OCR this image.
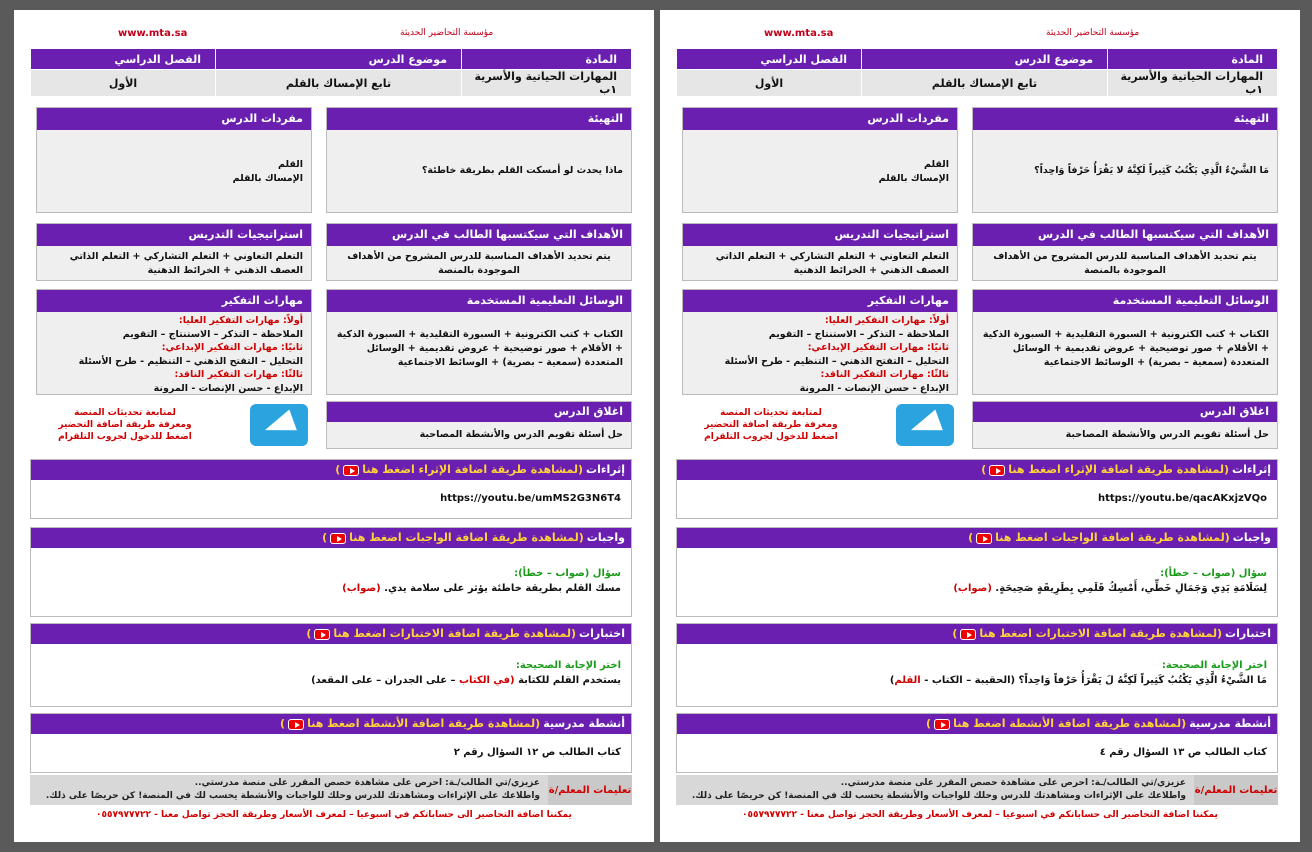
www.mta.sa	مؤسسة التحاضير الحديثة
المادة	موضوع الدرس	الفصل الدراسي
المهارات الحياتية والأسرية ١ب	تابع الإمساك بالقلم	الأول
التهيئة
ماذا يحدث لو أمسكت القلم بطريقة خاطئة؟
مفردات الدرس
القلم
الإمساك بالقلم
الأهداف التي سيكتسبها الطالب في الدرس
يتم تحديد الأهداف المناسبة للدرس المشروح من الأهداف الموجودة بالمنصة
استراتيجيات التدريس
التعلم التعاوني + التعلم التشاركي + التعلم الذاتي
العصف الذهني + الخرائط الذهنية
الوسائل التعليمية المستخدمة
الكتاب + كتب الكترونية + السبورة التقليدية + السبورة الذكية + الأقلام + صور توضيحية + عروض تقديمية + الوسائل المتعددة (سمعية – بصرية) + الوسائط الاجتماعية
مهارات التفكير
أولاً: مهارات التفكير العليا:
الملاحظة – التذكر – الاستنتاج – التقويم
ثانيًا: مهارات التفكير الإبداعي:
التحليل – التفتح الذهني – التنظيم - طرح الأسئلة
ثالثًا: مهارات التفكير الناقد:
الإبداع - حسن الإنصات - المرونة
اغلاق الدرس
حل أسئلة تقويم الدرس والأنشطة المصاحبة
لمتابعة تحديثات المنصة
ومعرفة طريقة اضافة التحضير
اضغط للدخول لجروب التلقرام
إثراءات
(لمشاهدة طريقة اضافة الإثراء اضغط هنا
)
https://youtu.be/umMS2G3N6T4
واجبات
(لمشاهدة طريقة اضافة الواجبات اضغط هنا
)
سؤال (صواب – خطأ):
مسك القلم بطريقة خاطئة يؤثر على سلامة يدي. (صواب)
اختبارات
(لمشاهدة طريقة اضافة الاختبارات اضغط هنا
)
اختر الإجابة الصحيحة:
يستخدم القلم للكتابة (في الكتاب – على الجدران – على المقعد)
أنشطة مدرسية
(لمشاهدة طريقة اضافة الأنشطة اضغط هنا
)
كتاب الطالب ص ١٢ السؤال رقم ٢
تعليمات المعلم/ة
عزيزي/تي الطالب/ـة: احرص على مشاهدة حصص المقرر على منصة مدرستي..
واطلاعك على الإثراءات ومشاهدتك للدرس وحلك للواجبات والأنشطة يحسب لك في المنصة! كن حريصًا على ذلك.
يمكننا اضافة التحاضير الى حساباتكم في اسبوعيا – لمعرف الأسعار وطريقة الحجز تواصل معنا - ٠٥٥٧٩٧٧٧٢٢
www.mta.sa	مؤسسة التحاضير الحديثة
المادة	موضوع الدرس	الفصل الدراسي
المهارات الحياتية والأسرية ١ب	تابع الإمساك بالقلم	الأول
التهيئة
مَا الشَّيْءُ الَّذِي يَكْتُبُ كَثِيراً لَكِنَّهُ لا يَقْرَأُ حَرْفاً وَاحِداً؟
مفردات الدرس
القلم
الإمساك بالقلم
الأهداف التي سيكتسبها الطالب في الدرس
يتم تحديد الأهداف المناسبة للدرس المشروح من الأهداف الموجودة بالمنصة
استراتيجيات التدريس
التعلم التعاوني + التعلم التشاركي + التعلم الذاتي
العصف الذهني + الخرائط الذهنية
الوسائل التعليمية المستخدمة
الكتاب + كتب الكترونية + السبورة التقليدية + السبورة الذكية + الأقلام + صور توضيحية + عروض تقديمية + الوسائل المتعددة (سمعية – بصرية) + الوسائط الاجتماعية
مهارات التفكير
أولاً: مهارات التفكير العليا:
الملاحظة – التذكر – الاستنتاج – التقويم
ثانيًا: مهارات التفكير الإبداعي:
التحليل – التفتح الذهني – التنظيم - طرح الأسئلة
ثالثًا: مهارات التفكير الناقد:
الإبداع - حسن الإنصات - المرونة
اغلاق الدرس
حل أسئلة تقويم الدرس والأنشطة المصاحبة
لمتابعة تحديثات المنصة
ومعرفة طريقة اضافة التحضير
اضغط للدخول لجروب التلقرام
إثراءات
(لمشاهدة طريقة اضافة الإثراء اضغط هنا
)
https://youtu.be/qacAKxjzVQo
واجبات
(لمشاهدة طريقة اضافة الواجبات اضغط هنا
)
سؤال (صواب – خطأ):
لِسَلَامَةِ يَدِي وَجَمَالِ خَطِّي، أَمْسِكُ قَلَمِي بِطَرِيقَةٍ صَحِيحَةٍ. (صواب)
اختبارات
(لمشاهدة طريقة اضافة الاختبارات اضغط هنا
)
اختر الإجابة الصحيحة:
مَا الشَّيْءُ الَّذِي يَكْتُبُ كَثِيراً لَكِنَّهُ لَ يَقْرَأُ حَرْفاً وَاحِداً؟ (الحقيبة – الكتاب - القلم)
أنشطة مدرسية
(لمشاهدة طريقة اضافة الأنشطة اضغط هنا
)
كتاب الطالب ص ١٣ السؤال رقم ٤
تعليمات المعلم/ة
عزيزي/تي الطالب/ـة: احرص على مشاهدة حصص المقرر على منصة مدرستي..
واطلاعك على الإثراءات ومشاهدتك للدرس وحلك للواجبات والأنشطة يحسب لك في المنصة! كن حريصًا على ذلك.
يمكننا اضافة التحاضير الى حساباتكم في اسبوعيا – لمعرف الأسعار وطريقة الحجز تواصل معنا - ٠٥٥٧٩٧٧٧٢٢
